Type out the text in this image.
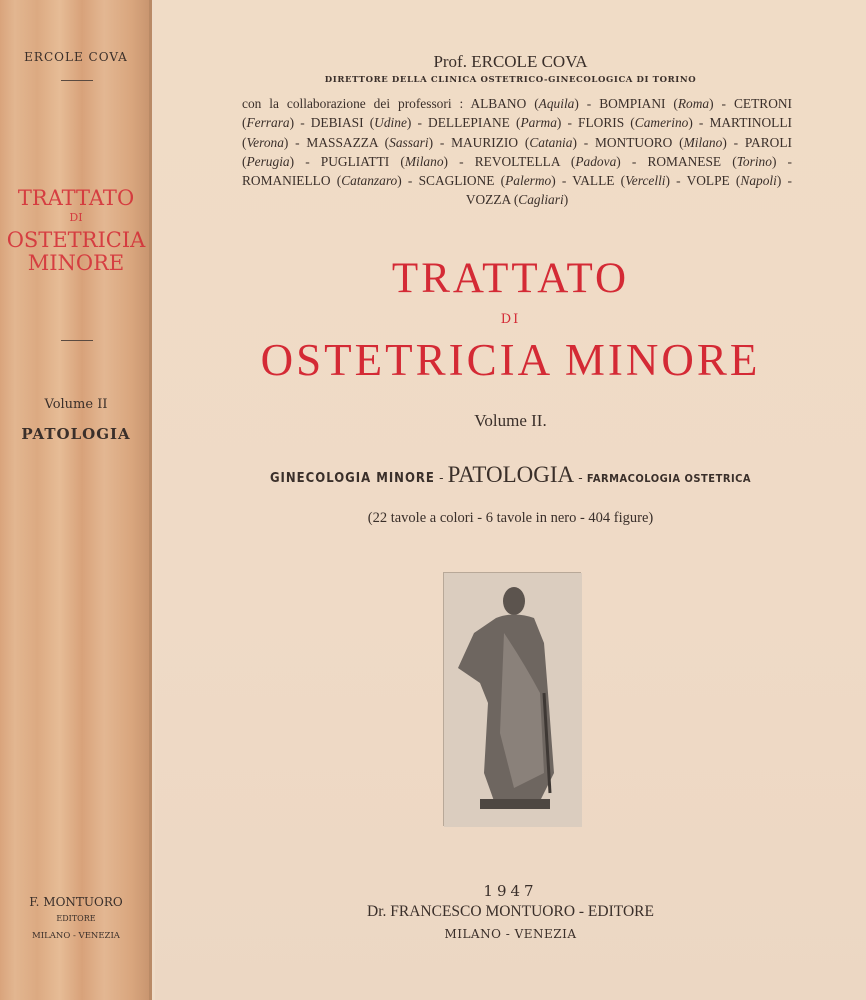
ERCOLE COVA
TRATTATO
DI
OSTETRICIA
MINORE
Volume II
PATOLOGIA
F. MONTUORO
EDITORE
MILANO - VENEZIA
Prof. ERCOLE COVA
DIRETTORE DELLA CLINICA OSTETRICO-GINECOLOGICA DI TORINO
con la collaborazione dei professori : ALBANO (Aquila) - BOMPIANI (Roma) - CETRONI (Ferrara) - DEBIASI (Udine) - DELLEPIANE (Parma) - FLORIS (Camerino) - MARTINOLLI (Verona) - MASSAZZA (Sassari) - MAURIZIO (Catania) - MONTUORO (Milano) - PAROLI (Perugia) - PUGLIATTI (Milano) - REVOLTELLA (Padova) - ROMANESE (Torino) - ROMANIELLO (Catanzaro) - SCAGLIONE (Palermo) - VALLE (Vercelli) - VOLPE (Napoli) - VOZZA (Cagliari)
TRATTATO
DI
OSTETRICIA MINORE
Volume II.
GINECOLOGIA MINORE - PATOLOGIA - FARMACOLOGIA OSTETRICA
(22 tavole a colori - 6 tavole in nero - 404 figure)
1947
Dr. FRANCESCO MONTUORO - EDITORE
MILANO - VENEZIA
